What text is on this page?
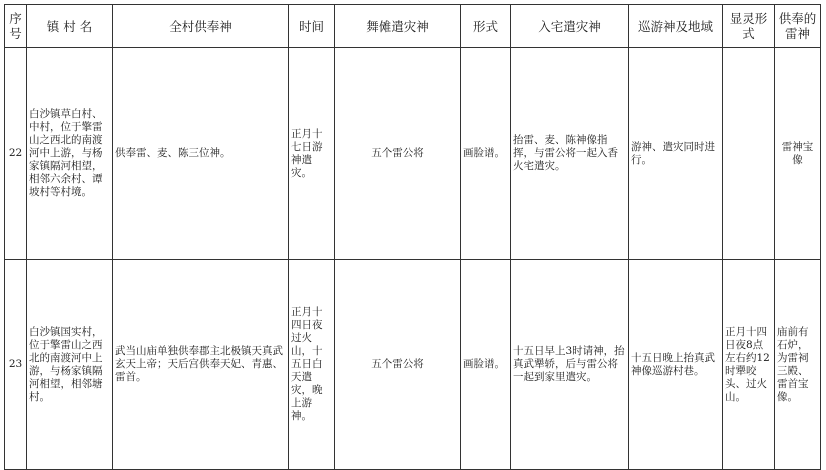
序号	镇 村 名	全村供奉神	时间	舞傩遣灾神	形式	入宅遣灾神	巡游神及地域	显灵形式	供奉的雷神
22	白沙镇草白村、中村，位于擎雷山之西北的南渡河中上游，与杨家镇隔河相望，相邻六余村、谭坡村等村境。	供奉雷、麦、陈三位神。	正月十七日游神遣灾。	五个雷公将	画脸谱。	抬雷、麦、陈神像指挥，与雷公将一起入香火宅遣灾。	游神、遣灾同时进行。		雷神宝像
23	白沙镇国实村，位于擎雷山之西北的南渡河中上游，与杨家镇隔河相望，相邻塘村。	武当山庙单独供奉郡主北极镇天真武玄天上帝；天后宫供奉天妃、青惠、雷首。	正月十四日夜过火山，十五日白天遣灾，晚上游神。	五个雷公将	画脸谱。	十五日早上3时请神，抬真武犟轿，后与雷公将一起到家里遣灾。	十五日晚上抬真武神像巡游村巷。	正月十四日夜8点左右约12时犟咬头、过火山。	庙前有石炉，为雷祠三殿、雷首宝像。
